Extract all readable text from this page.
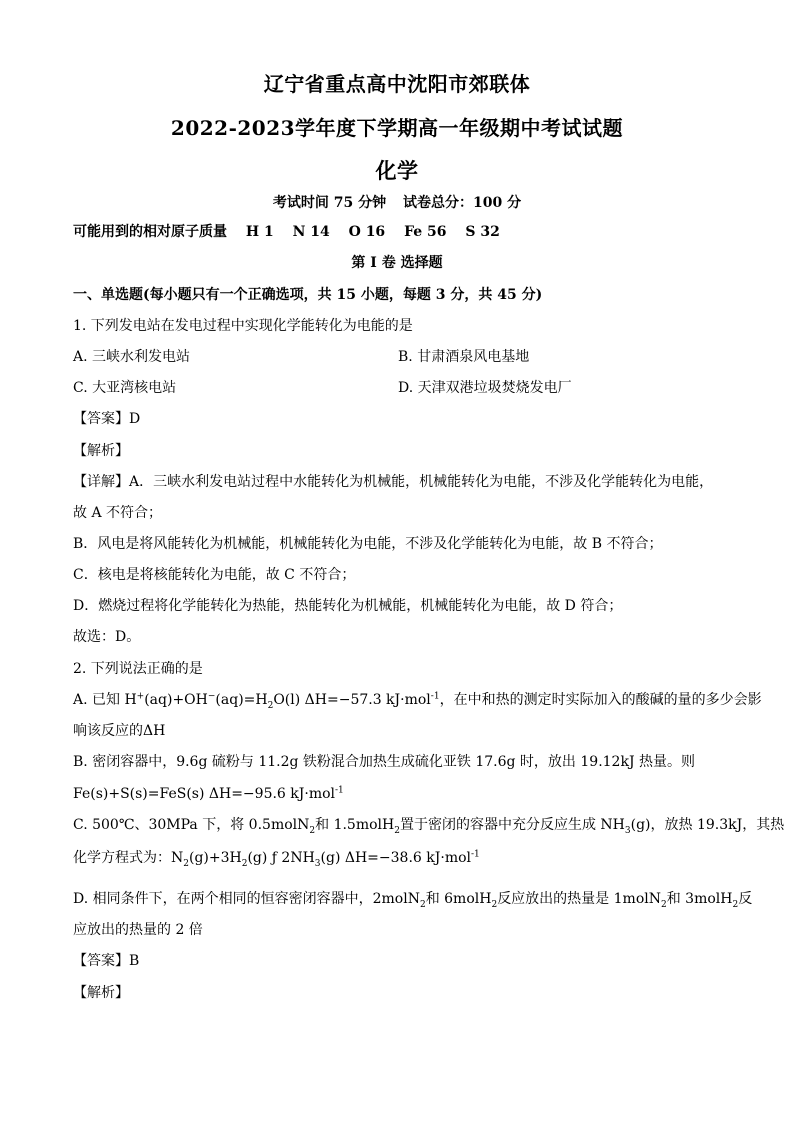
辽宁省重点高中沈阳市郊联体
2022-2023学年度下学期高一年级期中考试试题
化学
考试时间 75 分钟 试卷总分：100 分
可能用到的相对原子质量 H 1 N 14 O 16 Fe 56 S 32
第 I 卷 选择题
一、单选题(每小题只有一个正确选项，共 15 小题，每题 3 分，共 45 分)
1. 下列发电站在发电过程中实现化学能转化为电能的是
A. 三峡水利发电站	B. 甘肃酒泉风电基地
C. 大亚湾核电站	D. 天津双港垃圾焚烧发电厂
【答案】D
【解析】
【详解】A．三峡水利发电站过程中水能转化为机械能，机械能转化为电能，不涉及化学能转化为电能，
故 A 不符合；
B．风电是将风能转化为机械能，机械能转化为电能，不涉及化学能转化为电能，故 B 不符合；
C．核电是将核能转化为电能，故 C 不符合；
D．燃烧过程将化学能转化为热能，热能转化为机械能，机械能转化为电能，故 D 符合；
故选：D。
2. 下列说法正确的是
A. 已知 $H^+(aq)+OH^-(aq)=H_2O(l)$ ΔH=−57.3 kJ·mol$^{-1}$，在中和热的测定时实际加入的酸碱的量的多少会影
响该反应的ΔH
B. 密闭容器中，9.6g 硫粉与 11.2g 铁粉混合加热生成硫化亚铁 17.6g 时，放出 19.12kJ 热量。则
Fe(s)+S(s)=FeS(s) ΔH=−95.6 kJ·mol$^{-1}$
C. 500℃、30MPa 下，将 0.5molN$_2$和 1.5molH$_2$置于密闭的容器中充分反应生成 $NH_3(g)$，放热 19.3kJ，其热
化学方程式为：$N_2(g)+3H_2(g)$ ƒ $2NH_3(g)$ ΔH=−38.6 kJ·mol$^{-1}$
D. 相同条件下，在两个相同的恒容密闭容器中，2molN$_2$和 6molH$_2$反应放出的热量是 1molN$_2$和 3molH$_2$反
应放出的热量的 2 倍
【答案】B
【解析】
